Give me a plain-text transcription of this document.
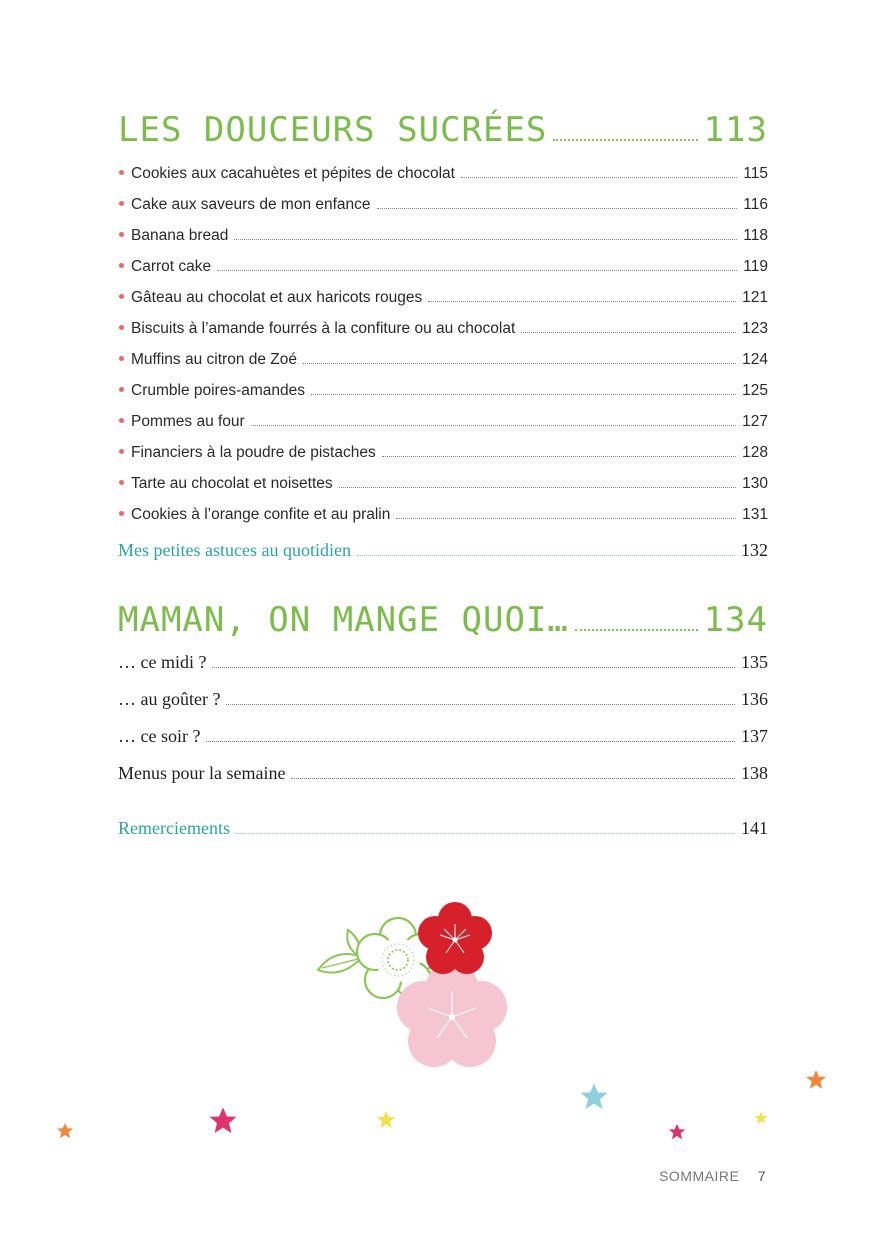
LES DOUCEURS SUCRÉES	113
Cookies aux cacahuètes et pépites de chocolat	115
Cake aux saveurs de mon enfance	116
Banana bread	118
Carrot cake	119
Gâteau au chocolat et aux haricots rouges	121
Biscuits à l’amande fourrés à la confiture ou au chocolat	123
Muffins au citron de Zoé	124
Crumble poires-amandes	125
Pommes au four	127
Financiers à la poudre de pistaches	128
Tarte au chocolat et noisettes	130
Cookies à l’orange confite et au pralin	131
Mes petites astuces au quotidien	132
MAMAN, ON MANGE QUOI…	134
… ce midi ?	135
… au goûter ?	136
… ce soir ?	137
Menus pour la semaine	138
Remerciements	141
SOMMAIRE 7
